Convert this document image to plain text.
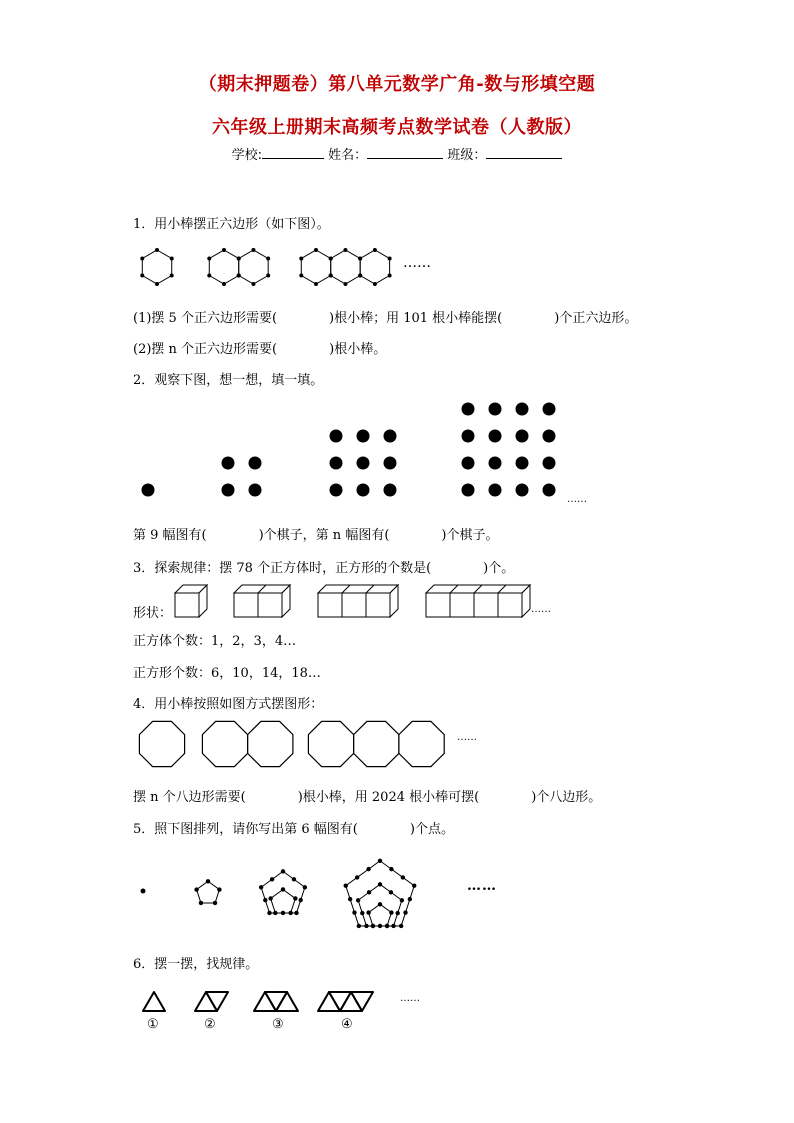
（期末押题卷）第八单元数学广角-数与形填空题
六年级上册期末高频考点数学试卷（人教版）
学校:	姓名：	班级：
1．用小棒摆正六边形（如下图）。
……
(1)摆 5 个正六边形需要(　　　　)根小棒；用 101 根小棒能摆(　　　　)个正六边形。
(2)摆 n 个正六边形需要(　　　　)根小棒。
2．观察下图，想一想，填一填。
……
第 9 幅图有(　　　　)个棋子，第 n 幅图有(　　　　)个棋子。
3．探索规律：摆 78 个正方体时，正方形的个数是(　　　　)个。
形状：	……
正方体个数：1，2，3，4…
正方形个数：6，10，14，18…
4．用小棒按照如图方式摆图形：
……
摆 n 个八边形需要(　　　　)根小棒，用 2024 根小棒可摆(　　　　)个八边形。
5．照下图排列，请你写出第 6 幅图有(　　　　)个点。
……
6．摆一摆，找规律。
……
①	②	③	④
